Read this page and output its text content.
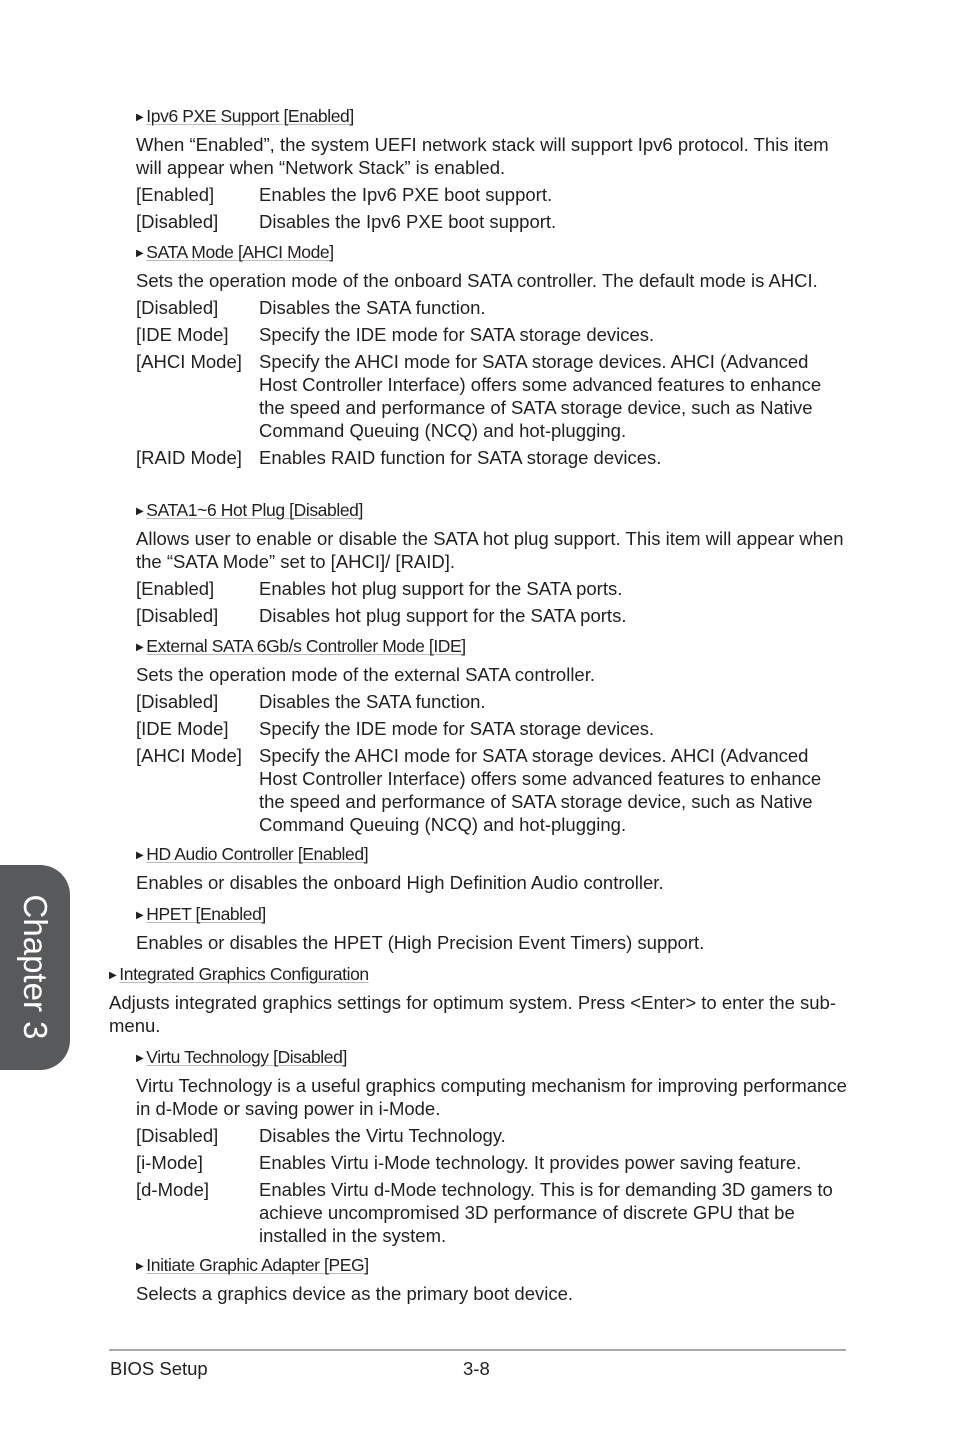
▶ Ipv6 PXE Support [Enabled]
When “Enabled”, the system UEFI network stack will support Ipv6 protocol. This item will appear when “Network Stack” is enabled.
[Enabled]	Enables the Ipv6 PXE boot support.
[Disabled]	Disables the Ipv6 PXE boot support.
▶ SATA Mode [AHCI Mode]
Sets the operation mode of the onboard SATA controller. The default mode is AHCI.
[Disabled]	Disables the SATA function.
[IDE Mode]	Specify the IDE mode for SATA storage devices.
[AHCI Mode] Specify the AHCI mode for SATA storage devices. AHCI (Advanced Host Controller Interface) offers some advanced features to enhance the speed and performance of SATA storage device, such as Native Command Queuing (NCQ) and hot-plugging.
[RAID Mode] Enables RAID function for SATA storage devices.
▶ SATA1~6 Hot Plug [Disabled]
Allows user to enable or disable the SATA hot plug support. This item will appear when the “SATA Mode” set to [AHCI]/ [RAID].
[Enabled]	Enables hot plug support for the SATA ports.
[Disabled]	Disables hot plug support for the SATA ports.
▶ External SATA 6Gb/s Controller Mode [IDE]
Sets the operation mode of the external SATA controller.
[Disabled]	Disables the SATA function.
[IDE Mode]	Specify the IDE mode for SATA storage devices.
[AHCI Mode] Specify the AHCI mode for SATA storage devices. AHCI (Advanced Host Controller Interface) offers some advanced features to enhance the speed and performance of SATA storage device, such as Native Command Queuing (NCQ) and hot-plugging.
▶ HD Audio Controller [Enabled]
Enables or disables the onboard High Definition Audio controller.
▶ HPET [Enabled]
Enables or disables the HPET (High Precision Event Timers) support.
▶ Integrated Graphics Configuration
Adjusts integrated graphics settings for optimum system. Press <Enter> to enter the sub-menu.
▶ Virtu Technology [Disabled]
Virtu Technology is a useful graphics computing mechanism for improving performance in d-Mode or saving power in i-Mode.
[Disabled]	Disables the Virtu Technology.
[i-Mode]	Enables Virtu i-Mode technology. It provides power saving feature.
[d-Mode]	Enables Virtu d-Mode technology. This is for demanding 3D gamers to achieve uncompromised 3D performance of discrete GPU that be installed in the system.
▶ Initiate Graphic Adapter [PEG]
Selects a graphics device as the primary boot device.
Chapter 3
BIOS Setup	3-8
